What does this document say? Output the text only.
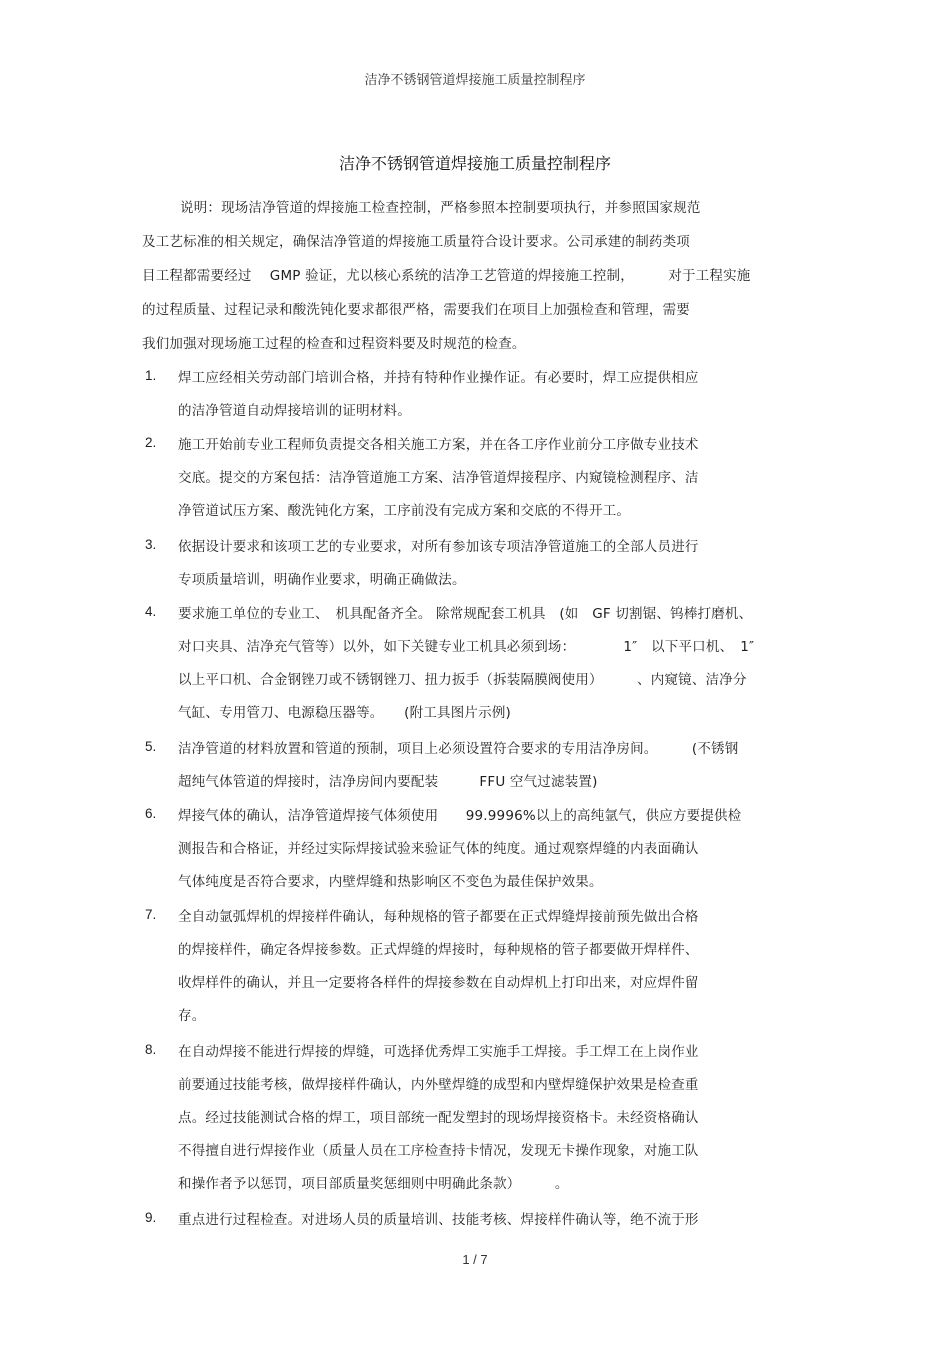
洁净不锈钢管道焊接施工质量控制程序
洁净不锈钢管道焊接施工质量控制程序
说明：现场洁净管道的焊接施工检查控制，严格参照本控制要项执行，并参照国家规范
及工艺标准的相关规定，确保洁净管道的焊接施工质量符合设计要求。公司承建的制药类项
目工程都需要经过　 GMP 验证，尤以核心系统的洁净工艺管道的焊接施工控制，　　　对于工程实施
的过程质量、过程记录和酸洗钝化要求都很严格，需要我们在项目上加强检查和管理，需要
我们加强对现场施工过程的检查和过程资料要及时规范的检查。
1. 焊工应经相关劳动部门培训合格，并持有特种作业操作证。有必要时，焊工应提供相应
的洁净管道自动焊接培训的证明材料。
2. 施工开始前专业工程师负责提交各相关施工方案，并在各工序作业前分工序做专业技术
交底。提交的方案包括：洁净管道施工方案、洁净管道焊接程序、内窥镜检测程序、洁
净管道试压方案、酸洗钝化方案，工序前没有完成方案和交底的不得开工。
3. 依据设计要求和该项工艺的专业要求，对所有参加该专项洁净管道施工的全部人员进行
专项质量培训，明确作业要求，明确正确做法。
4. 要求施工单位的专业工、　机具配备齐全。 除常规配套工机具　(如　GF 切割锯、钨棒打磨机、
对口夹具、洁净充气管等）以外，如下关键专业工机具必须到场：　　　　1″　以下平口机、　1″
以上平口机、合金钢锉刀或不锈钢锉刀、扭力扳手（拆装隔膜阀使用）　　　、内窥镜、洁净分
气缸、专用管刀、电源稳压器等。　　(附工具图片示例)
5. 洁净管道的材料放置和管道的预制，项目上必须设置符合要求的专用洁净房间。　　　(不锈钢
超纯气体管道的焊接时，洁净房间内要配装　　　FFU 空气过滤装置)
6. 焊接气体的确认，洁净管道焊接气体须使用　　99.9996%以上的高纯氩气，供应方要提供检
测报告和合格证，并经过实际焊接试验来验证气体的纯度。通过观察焊缝的内表面确认
气体纯度是否符合要求，内壁焊缝和热影响区不变色为最佳保护效果。
7. 全自动氩弧焊机的焊接样件确认，每种规格的管子都要在正式焊缝焊接前预先做出合格
的焊接样件，确定各焊接参数。正式焊缝的焊接时，每种规格的管子都要做开焊样件、
收焊样件的确认，并且一定要将各样件的焊接参数在自动焊机上打印出来，对应焊件留
存。
8. 在自动焊接不能进行焊接的焊缝，可选择优秀焊工实施手工焊接。手工焊工在上岗作业
前要通过技能考核，做焊接样件确认，内外壁焊缝的成型和内壁焊缝保护效果是检查重
点。经过技能测试合格的焊工，项目部统一配发塑封的现场焊接资格卡。未经资格确认
不得擅自进行焊接作业（质量人员在工序检查持卡情况，发现无卡操作现象，对施工队
和操作者予以惩罚，项目部质量奖惩细则中明确此条款）　　　。
9. 重点进行过程检查。对进场人员的质量培训、技能考核、焊接样件确认等，绝不流于形
1 / 7
